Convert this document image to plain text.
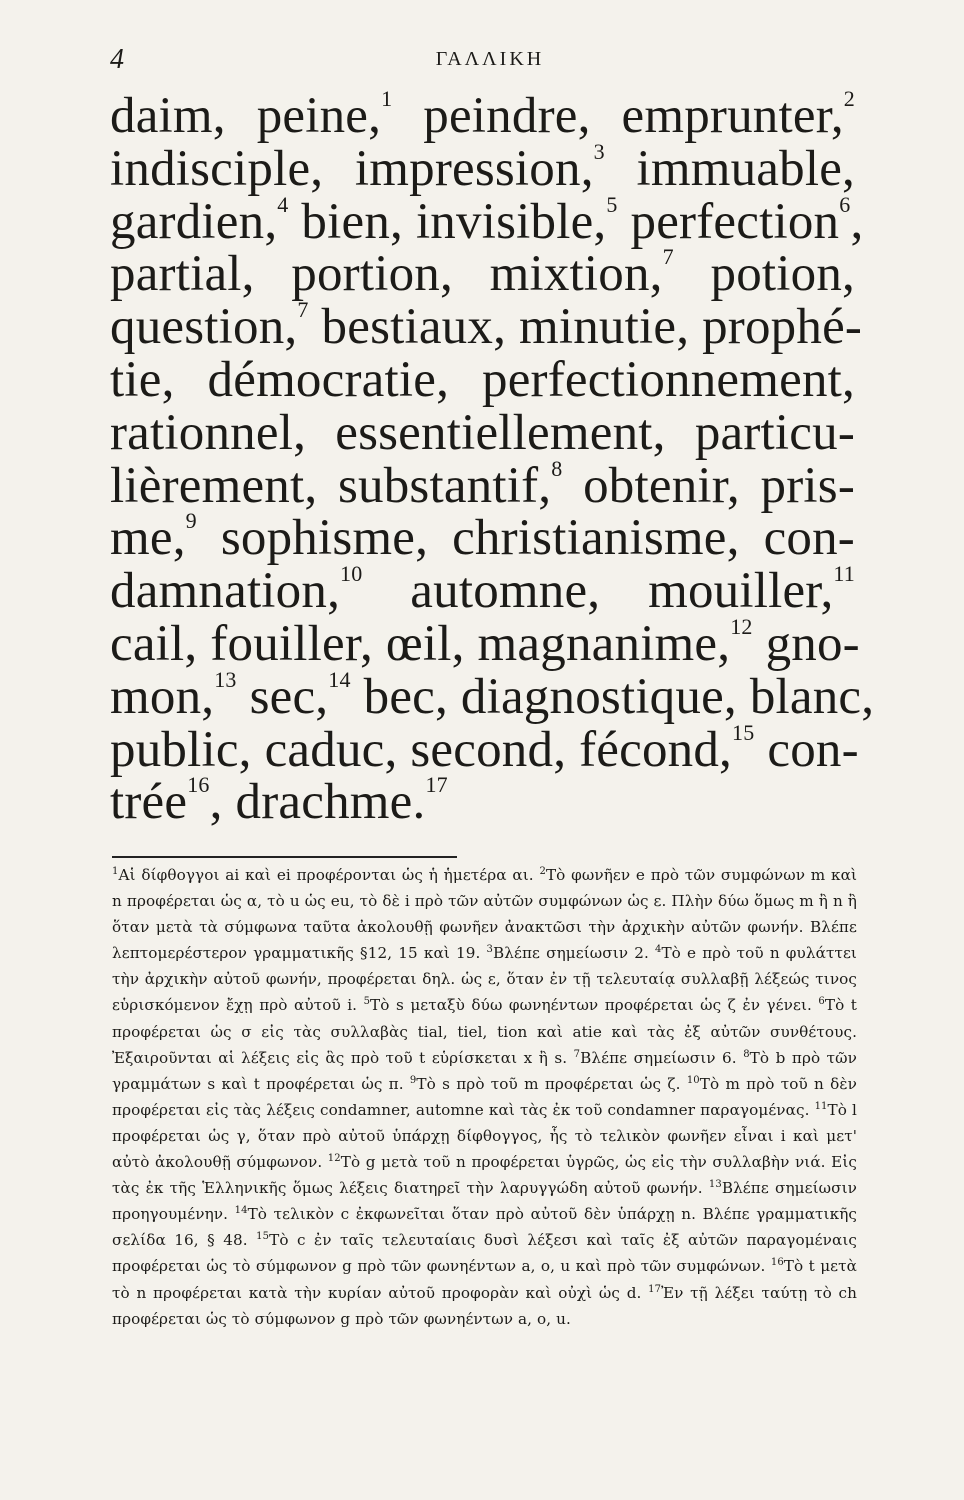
4	ΓΑΛΛΙΚΗ
daim, peine,$^1$ peindre, emprunter,$^2$
indisciple, impression,$^3$ immuable,
gardien,$^4$ bien, invisible,$^5$ perfection$^6$,
partial, portion, mixtion,$^7$ potion,
question,$^7$ bestiaux, minutie, prophé-
tie, démocratie, perfectionnement,
rationnel, essentiellement, particu-
lièrement, substantif,$^8$ obtenir, pris-
me,$^9$ sophisme, christianisme, con-
damnation,$^{10}$ automne, mouiller,$^{11}$
cail, fouiller, œil, magnanime,$^{12}$ gno-
mon,$^{13}$ sec,$^{14}$ bec, diagnostique, blanc,
public, caduc, second, fécond,$^{15}$ con-
trée$^{16}$, drachme.$^{17}$
$^1$Αἱ δίφθογγοι ai καὶ ei προφέρονται ὡς ἡ ἡμετέρα αι. $^2$Τὸ φωνῆεν e πρὸ τῶν συμφώνων m καὶ n προφέρεται ὡς α, τὸ u ὡς eu, τὸ δὲ i πρὸ τῶν αὐτῶν συμφώνων ὡς ε. Πλὴν δύω ὅμως m ἢ n ἢ ὅταν μετὰ τὰ σύμφωνα ταῦτα ἀκολουθῇ φωνῆεν ἀνακτῶσι τὴν ἀρχικὴν αὐτῶν φωνήν. Βλέπε λεπτομερέστερον γραμματικῆς §12, 15 καὶ 19. $^3$Βλέπε σημείωσιν 2. $^4$Τὸ e πρὸ τοῦ n φυλάττει τὴν ἀρχικὴν αὐτοῦ φωνήν, προφέρεται δηλ. ὡς ε, ὅταν ἐν τῇ τελευταίᾳ συλλαβῇ λέξεώς τινος εὑρισκόμενον ἔχῃ πρὸ αὐτοῦ i. $^5$Τὸ s μεταξὺ δύω φωνηέντων προφέρεται ὡς ζ ἐν γένει. $^6$Τὸ t προφέρεται ὡς σ εἰς τὰς συλλαβὰς tial, tiel, tion καὶ atie καὶ τὰς ἐξ αὐτῶν συνθέτους. Ἐξαιροῦνται αἱ λέξεις εἰς ἃς πρὸ τοῦ t εὑρίσκεται x ἢ s. $^7$Βλέπε σημείωσιν 6. $^8$Τὸ b πρὸ τῶν γραμμάτων s καὶ t προφέρεται ὡς π. $^9$Τὸ s πρὸ τοῦ m προφέρεται ὡς ζ. $^{10}$Τὸ m πρὸ τοῦ n δὲν προφέρεται εἰς τὰς λέξεις condamner, automne καὶ τὰς ἐκ τοῦ condamner παραγομένας. $^{11}$Τὸ l προφέρεται ὡς γ, ὅταν πρὸ αὐτοῦ ὑπάρχῃ δίφθογγος, ἧς τὸ τελικὸν φωνῆεν εἶναι i καὶ μετ' αὐτὸ ἀκολουθῇ σύμφωνον. $^{12}$Τὸ g μετὰ τοῦ n προφέρεται ὑγρῶς, ὡς εἰς τὴν συλλαβὴν νιά. Εἰς τὰς ἐκ τῆς Ἑλληνικῆς ὅμως λέξεις διατηρεῖ τὴν λαρυγγώδη αὐτοῦ φωνήν. $^{13}$Βλέπε σημείωσιν προηγουμένην. $^{14}$Τὸ τελικὸν c ἐκφωνεῖται ὅταν πρὸ αὐτοῦ δὲν ὑπάρχῃ n. Βλέπε γραμματικῆς σελίδα 16, § 48. $^{15}$Τὸ c ἐν ταῖς τελευταίαις δυσὶ λέξεσι καὶ ταῖς ἐξ αὐτῶν παραγομέναις προφέρεται ὡς τὸ σύμφωνον g πρὸ τῶν φωνηέντων a, o, u καὶ πρὸ τῶν συμφώνων. $^{16}$Τὸ t μετὰ τὸ n προφέρεται κατὰ τὴν κυρίαν αὐτοῦ προφορὰν καὶ οὐχὶ ὡς d. $^{17}$Ἐν τῇ λέξει ταύτῃ τὸ ch προφέρεται ὡς τὸ σύμφωνον g πρὸ τῶν φωνηέντων a, o, u.
